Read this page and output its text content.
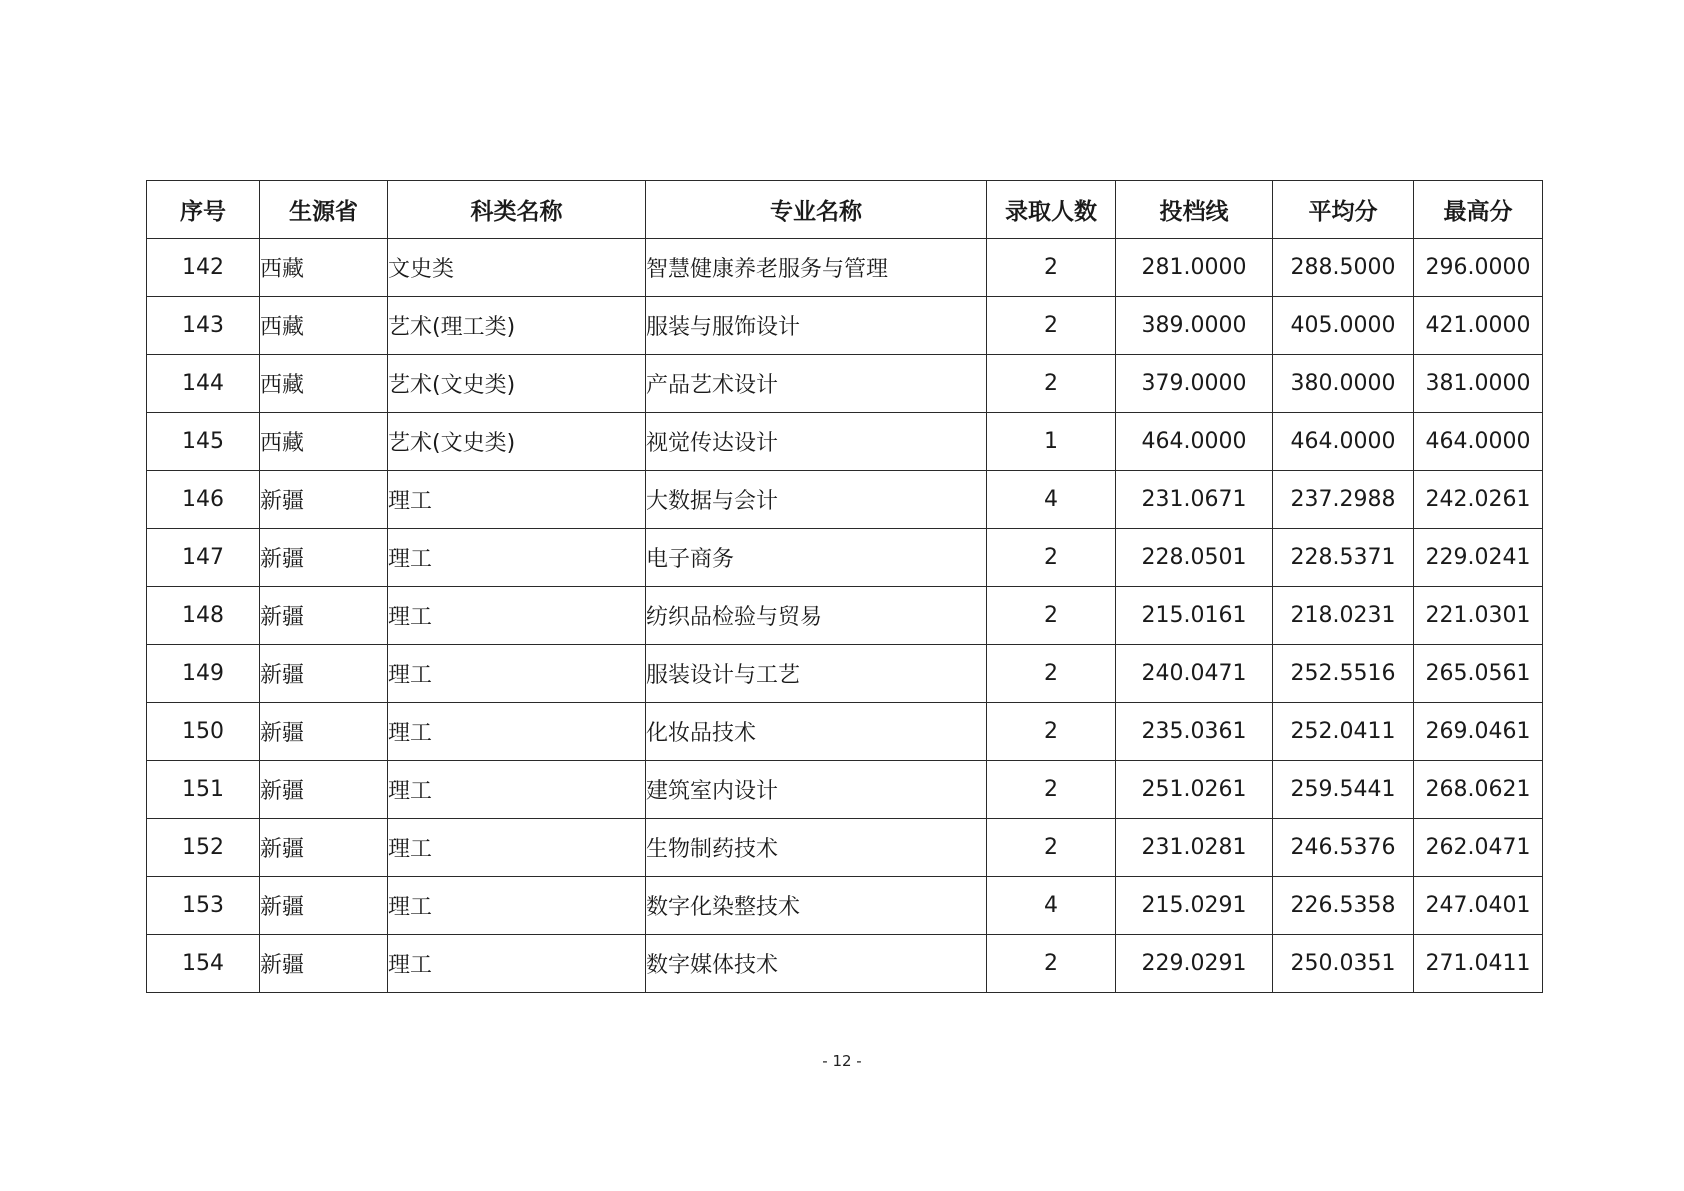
序号	生源省	科类名称	专业名称	录取人数	投档线	平均分	最高分
142	西藏	文史类	智慧健康养老服务与管理	2	281.0000	288.5000	296.0000
143	西藏	艺术(理工类)	服装与服饰设计	2	389.0000	405.0000	421.0000
144	西藏	艺术(文史类)	产品艺术设计	2	379.0000	380.0000	381.0000
145	西藏	艺术(文史类)	视觉传达设计	1	464.0000	464.0000	464.0000
146	新疆	理工	大数据与会计	4	231.0671	237.2988	242.0261
147	新疆	理工	电子商务	2	228.0501	228.5371	229.0241
148	新疆	理工	纺织品检验与贸易	2	215.0161	218.0231	221.0301
149	新疆	理工	服装设计与工艺	2	240.0471	252.5516	265.0561
150	新疆	理工	化妆品技术	2	235.0361	252.0411	269.0461
151	新疆	理工	建筑室内设计	2	251.0261	259.5441	268.0621
152	新疆	理工	生物制药技术	2	231.0281	246.5376	262.0471
153	新疆	理工	数字化染整技术	4	215.0291	226.5358	247.0401
154	新疆	理工	数字媒体技术	2	229.0291	250.0351	271.0411
- 12 -
